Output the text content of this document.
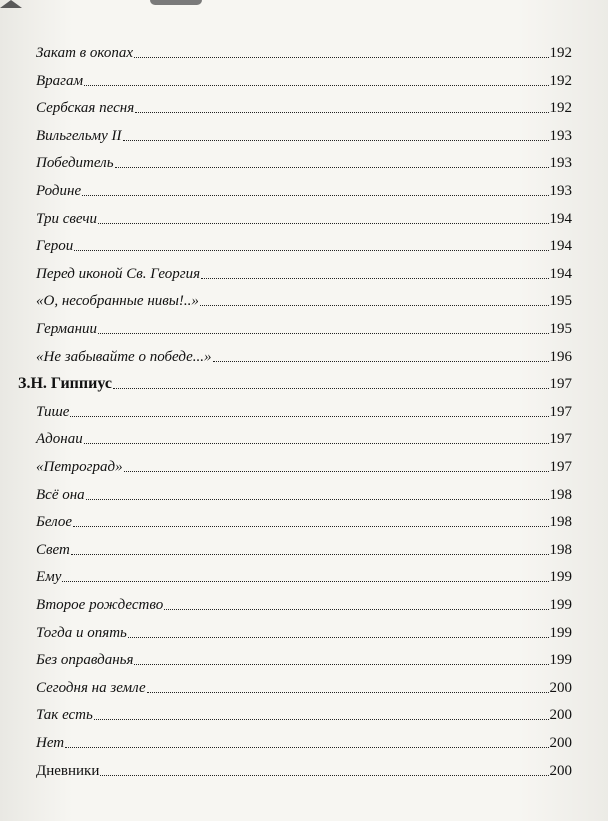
Закат в окопах	192
Врагам	192
Сербская песня	192
Вильгельму II	193
Победитель	193
Родине	193
Три свечи	194
Герои	194
Перед иконой Св. Георгия	194
«О, несобранные нивы!..»	195
Германии	195
«Не забывайте о победе...»	196
З.Н. Гиппиус	197
Тише	197
Адонаи	197
«Петроград»	197
Всё она	198
Белое	198
Свет	198
Ему	199
Второе рождество	199
Тогда и опять	199
Без оправданья	199
Сегодня на земле	200
Так есть	200
Нет	200
Дневники	200
